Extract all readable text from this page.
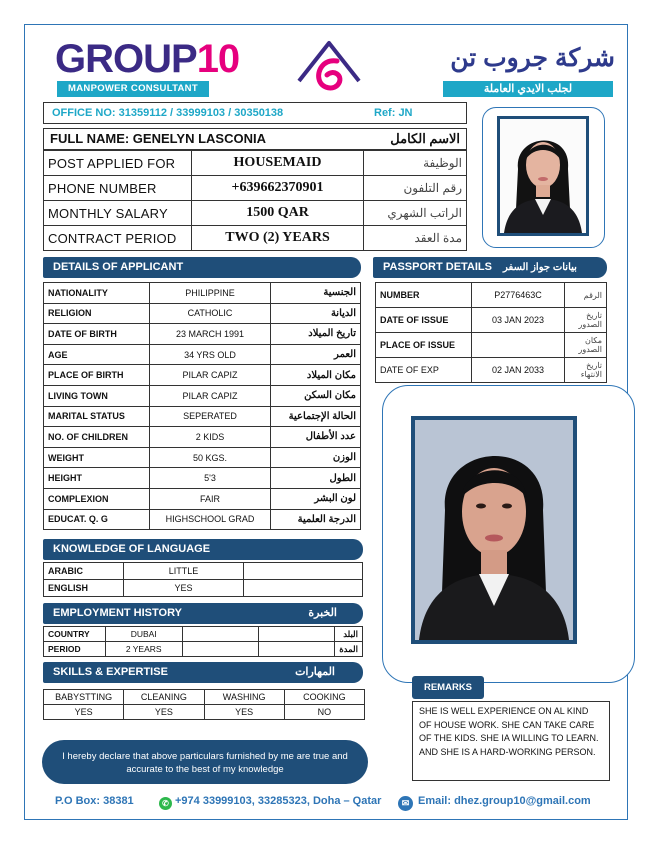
GROUP10
MANPOWER CONSULTANT
شركة جروب تن
لجلب الايدي العاملة
OFFICE NO: 31359112 / 33999103 / 30350138	Ref: JN
FULL NAME: GENELYN LASCONIA	الاسم الكامل
POST APPLIED FOR	HOUSEMAID	الوظيفة
PHONE NUMBER	+639662370901	رقم التلفون
MONTHLY SALARY	1500 QAR	الراتب الشهري
CONTRACT PERIOD	TWO (2) YEARS	مدة العقد
DETAILS OF APPLICANT	PASSPORT DETAILS بيانات جواز السفر
NATIONALITY	PHILIPPINE	الجنسية
RELIGION	CATHOLIC	الديانة
DATE OF BIRTH	23 MARCH 1991	تاريخ الميلاد
AGE	34 YRS OLD	العمر
PLACE OF BIRTH	PILAR CAPIZ	مكان الميلاد
LIVING TOWN	PILAR CAPIZ	مكان السكن
MARITAL STATUS	SEPERATED	الحالة الإجتماعية
NO. OF CHILDREN	2 KIDS	عدد الأطفال
WEIGHT	50 KGS.	الوزن
HEIGHT	5'3	الطول
COMPLEXION	FAIR	لون البشر
EDUCAT. Q. G	HIGHSCHOOL GRAD	الدرجة العلمية
NUMBER	P2776463C	الرقم
DATE OF ISSUE	03 JAN 2023	تاريخ الصدور
PLACE OF ISSUE		مكان الصدور
DATE OF EXP	02 JAN 2033	تاريخ الانتهاء
KNOWLEDGE OF LANGUAGE
ARABIC	LITTLE	
ENGLISH	YES	
EMPLOYMENT HISTORY	الخبرة
COUNTRY	DUBAI			البلد
PERIOD	2 YEARS			المدة
SKILLS & EXPERTISE	المهارات
BABYSTTING	CLEANING	WASHING	COOKING
YES	YES	YES	NO
REMARKS
SHE IS WELL EXPERIENCE ON AL KIND OF HOUSE WORK. SHE CAN TAKE CARE OF THE KIDS. SHE IA WILLING TO LEARN. AND SHE IS A HARD-WORKING PERSON.
I hereby declare that above particulars furnished by me are true and accurate to the best of my knowledge
P.O Box: 38381	✆ +974 33999103, 33285323, Doha – Qatar	✉ Email: dhez.group10@gmail.com
